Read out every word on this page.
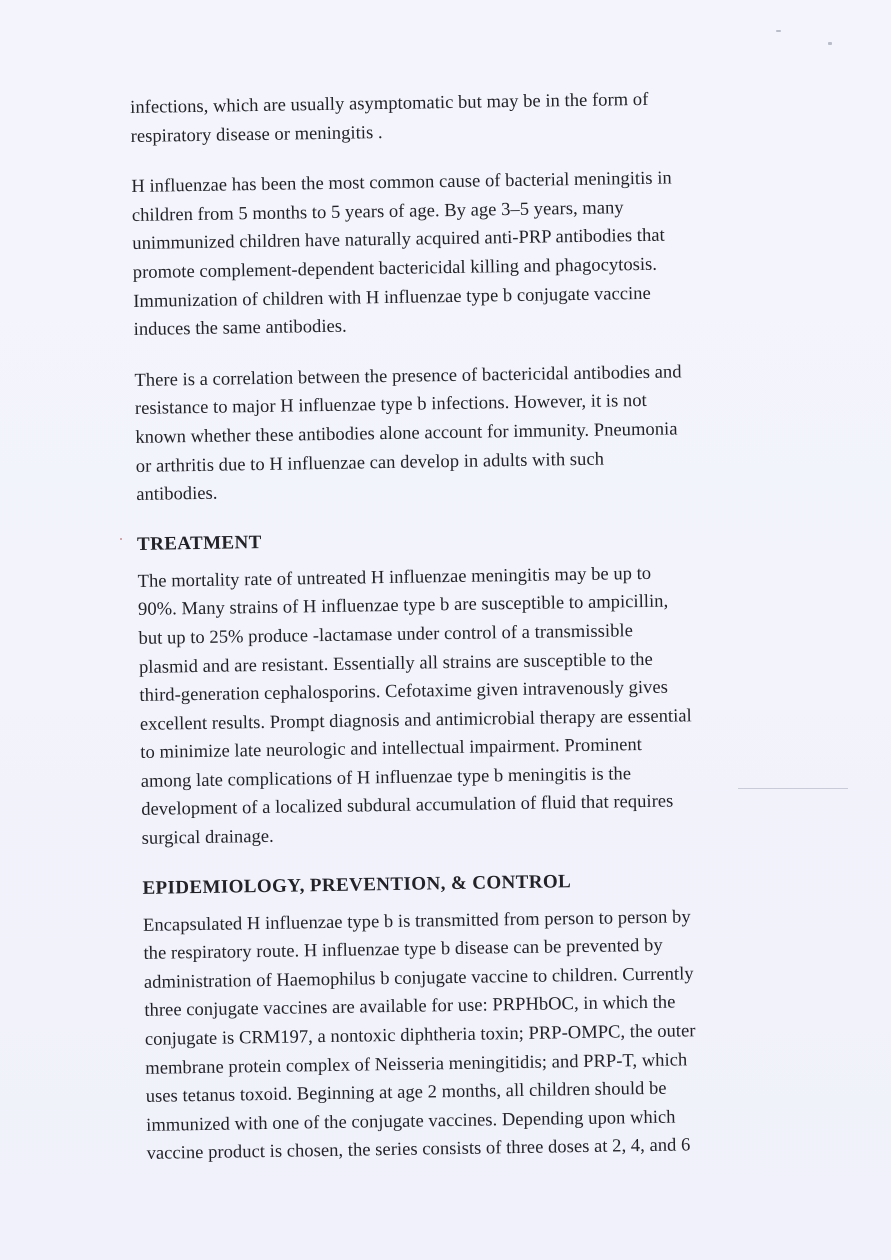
infections, which are usually asymptomatic but may be in the form of
respiratory disease or meningitis .

H influenzae has been the most common cause of bacterial meningitis in
children from 5 months to 5 years of age. By age 3–5 years, many
unimmunized children have naturally acquired anti-PRP antibodies that
promote complement-dependent bactericidal killing and phagocytosis.
Immunization of children with H influenzae type b conjugate vaccine
induces the same antibodies.

There is a correlation between the presence of bactericidal antibodies and
resistance to major H influenzae type b infections. However, it is not
known whether these antibodies alone account for immunity. Pneumonia
or arthritis due to H influenzae can develop in adults with such
antibodies.

TREATMENT

The mortality rate of untreated H influenzae meningitis may be up to
90%. Many strains of H influenzae type b are susceptible to ampicillin,
but up to 25% produce -lactamase under control of a transmissible
plasmid and are resistant. Essentially all strains are susceptible to the
third-generation cephalosporins. Cefotaxime given intravenously gives
excellent results. Prompt diagnosis and antimicrobial therapy are essential
to minimize late neurologic and intellectual impairment. Prominent
among late complications of H influenzae type b meningitis is the
development of a localized subdural accumulation of fluid that requires
surgical drainage.

EPIDEMIOLOGY, PREVENTION, & CONTROL

Encapsulated H influenzae type b is transmitted from person to person by
the respiratory route. H influenzae type b disease can be prevented by
administration of Haemophilus b conjugate vaccine to children. Currently
three conjugate vaccines are available for use: PRPHbOC, in which the
conjugate is CRM197, a nontoxic diphtheria toxin; PRP-OMPC, the outer
membrane protein complex of Neisseria meningitidis; and PRP-T, which
uses tetanus toxoid. Beginning at age 2 months, all children should be
immunized with one of the conjugate vaccines. Depending upon which
vaccine product is chosen, the series consists of three doses at 2, 4, and 6
